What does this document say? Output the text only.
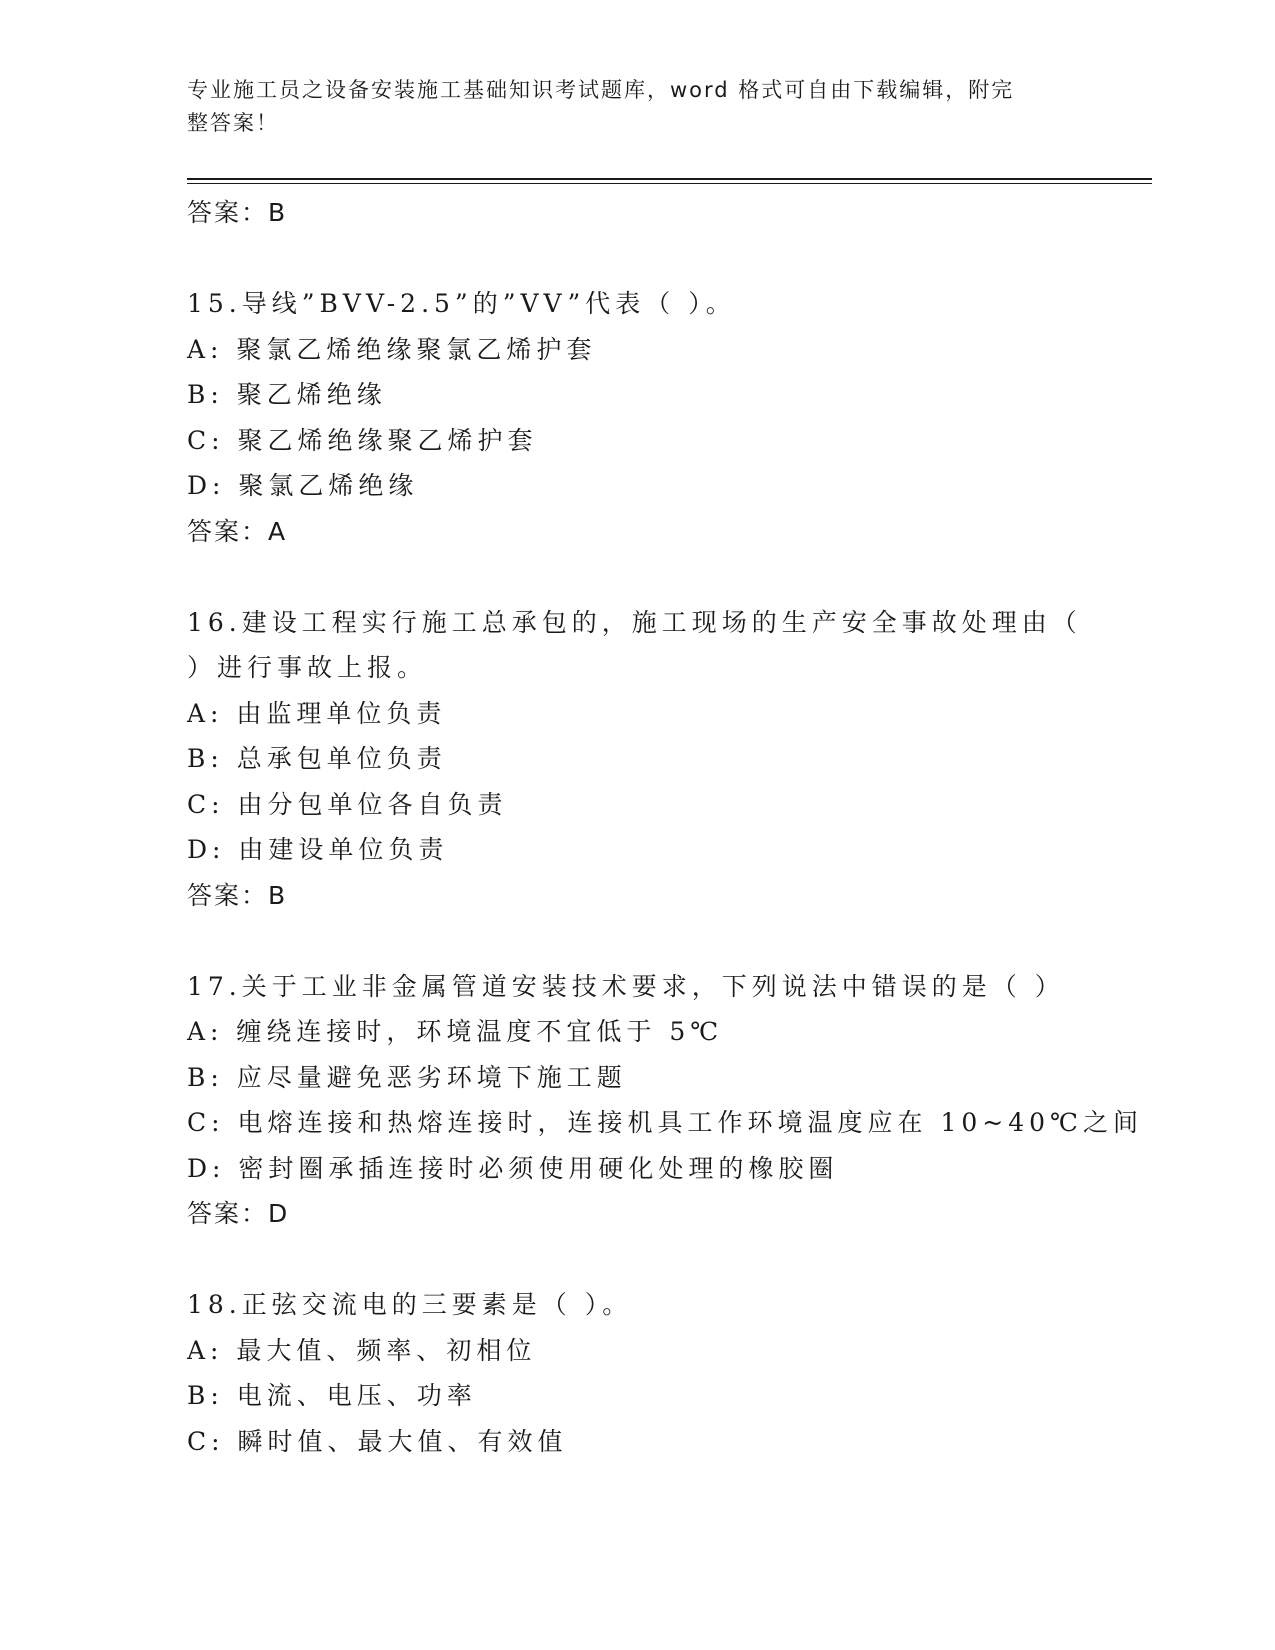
专业施工员之设备安装施工基础知识考试题库，word 格式可自由下载编辑，附完
整答案！
答案：B
15.导线”BVV-2.5”的”VV”代表（ ）。
A: 聚氯乙烯绝缘聚氯乙烯护套
B: 聚乙烯绝缘
C: 聚乙烯绝缘聚乙烯护套
D: 聚氯乙烯绝缘
答案：A
16.建设工程实行施工总承包的，施工现场的生产安全事故处理由（
）进行事故上报。
A: 由监理单位负责
B: 总承包单位负责
C: 由分包单位各自负责
D: 由建设单位负责
答案：B
17.关于工业非金属管道安装技术要求，下列说法中错误的是（ ）
A: 缠绕连接时，环境温度不宜低于 5℃
B: 应尽量避免恶劣环境下施工题
C: 电熔连接和热熔连接时，连接机具工作环境温度应在 10~40℃之间
D: 密封圈承插连接时必须使用硬化处理的橡胶圈
答案：D
18.正弦交流电的三要素是（ ）。
A: 最大值、频率、初相位
B: 电流、电压、功率
C: 瞬时值、最大值、有效值
